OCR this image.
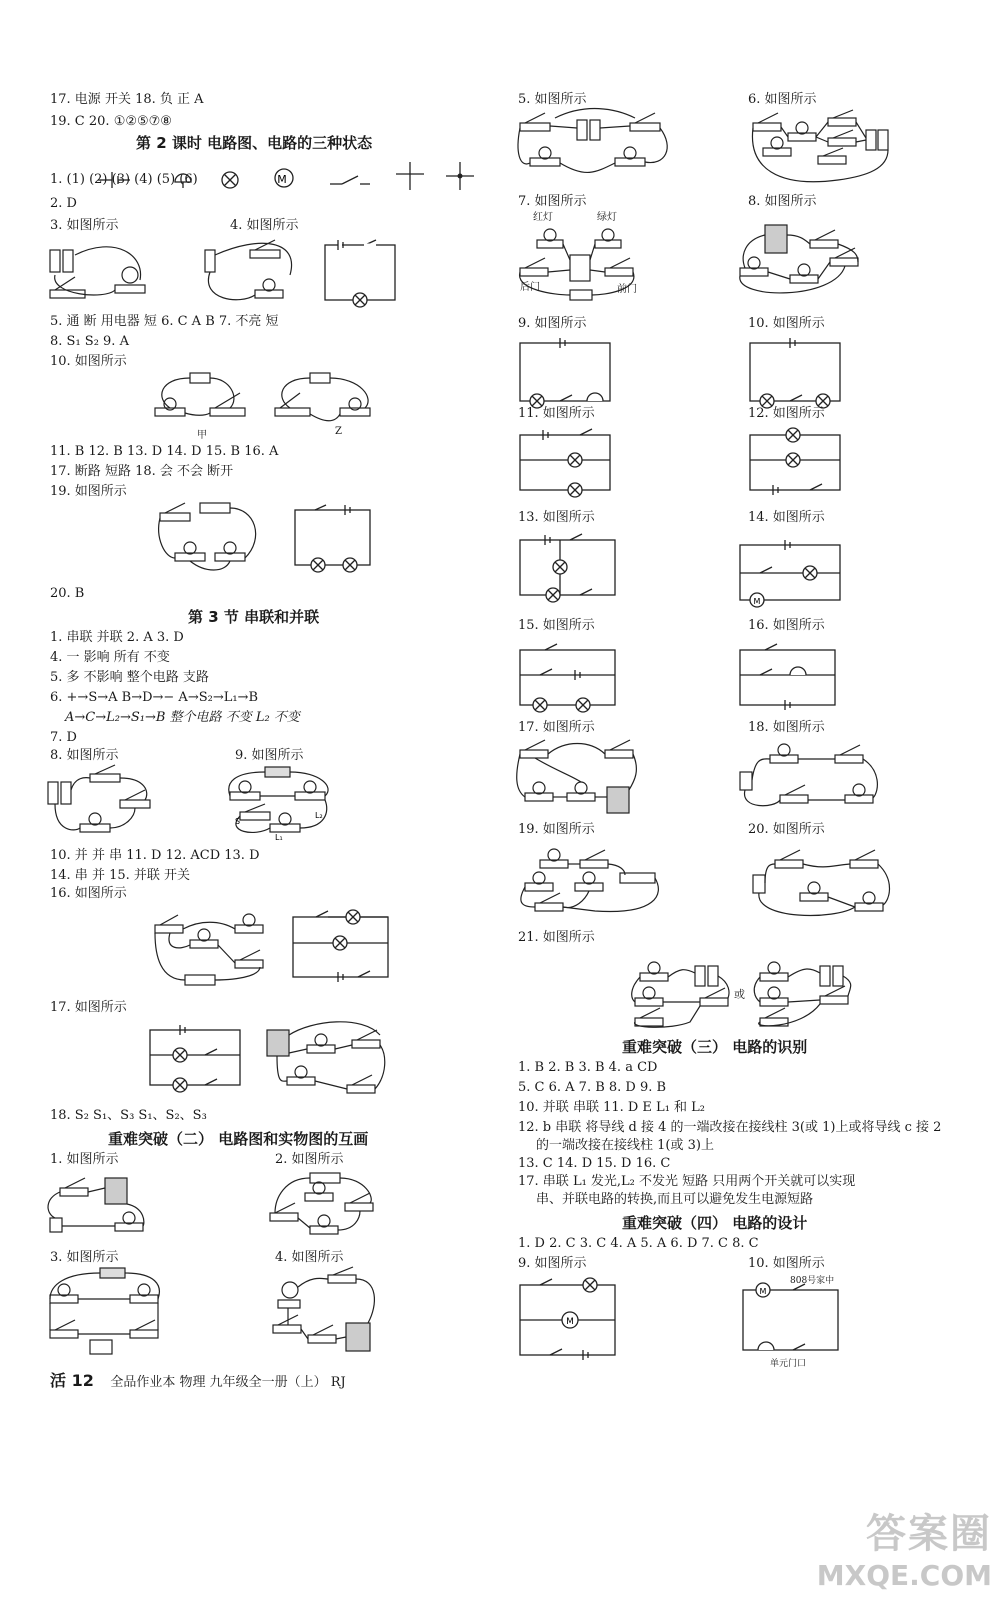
17. 电源 开关 18. 负 正 A
19. C 20. ①②⑤⑦⑧
第 2 课时 电路图、电路的三种状态
1. (1) (2) (3) (4) (5) (6)	M
2. D
3. 如图所示	4. 如图所示
5. 通 断 用电器 短 6. C A B 7. 不亮 短
8. S₁ S₂ 9. A
10. 如图所示
甲	Z
11. B 12. B 13. D 14. D 15. B 16. A
17. 断路 短路 18. 会 不会 断开
19. 如图所示
20. B
第 3 节 串联和并联
1. 串联 并联 2. A 3. D
4. 一 影响 所有 不变
5. 多 不影响 整个电路 支路
6. +→S→A B→D→− A→S₂→L₁→B
A→C→L₂→S₁→B 整个电路 不变 L₂ 不变
7. D
8. 如图所示	9. 如图所示
S
L₁
L₂
10. 并 并 串 11. D 12. ACD 13. D
14. 串 并 15. 并联 开关
16. 如图所示
17. 如图所示
18. S₂ S₁、S₃ S₁、S₂、S₃
重难突破（二） 电路图和实物图的互画
1. 如图所示	2. 如图所示
3. 如图所示	4. 如图所示
活 12 全品作业本 物理 九年级全一册（上） RJ
5. 如图所示	6. 如图所示
7. 如图所示	8. 如图所示
红灯	绿灯
后门	前门
9. 如图所示	10. 如图所示
11. 如图所示	12. 如图所示
13. 如图所示	14. 如图所示
M
15. 如图所示	16. 如图所示
17. 如图所示	18. 如图所示
19. 如图所示	20. 如图所示
21. 如图所示
或
重难突破（三） 电路的识别
1. B 2. B 3. B 4. a CD
5. C 6. A 7. B 8. D 9. B
10. 并联 串联 11. D E L₁ 和 L₂
12. b 串联 将导线 d 接 4 的一端改接在接线柱 3(或 1)上或将导线 c 接 2
的一端改接在接线柱 1(或 3)上
13. C 14. D 15. D 16. C
17. 串联 L₁ 发光,L₂ 不发光 短路 只用两个开关就可以实现
串、并联电路的转换,而且可以避免发生电源短路
重难突破（四） 电路的设计
1. D 2. C 3. C 4. A 5. A 6. D 7. C 8. C
9. 如图所示	10. 如图所示
M
808号家中
M
单元门口
答案圈
MXQE.COM
